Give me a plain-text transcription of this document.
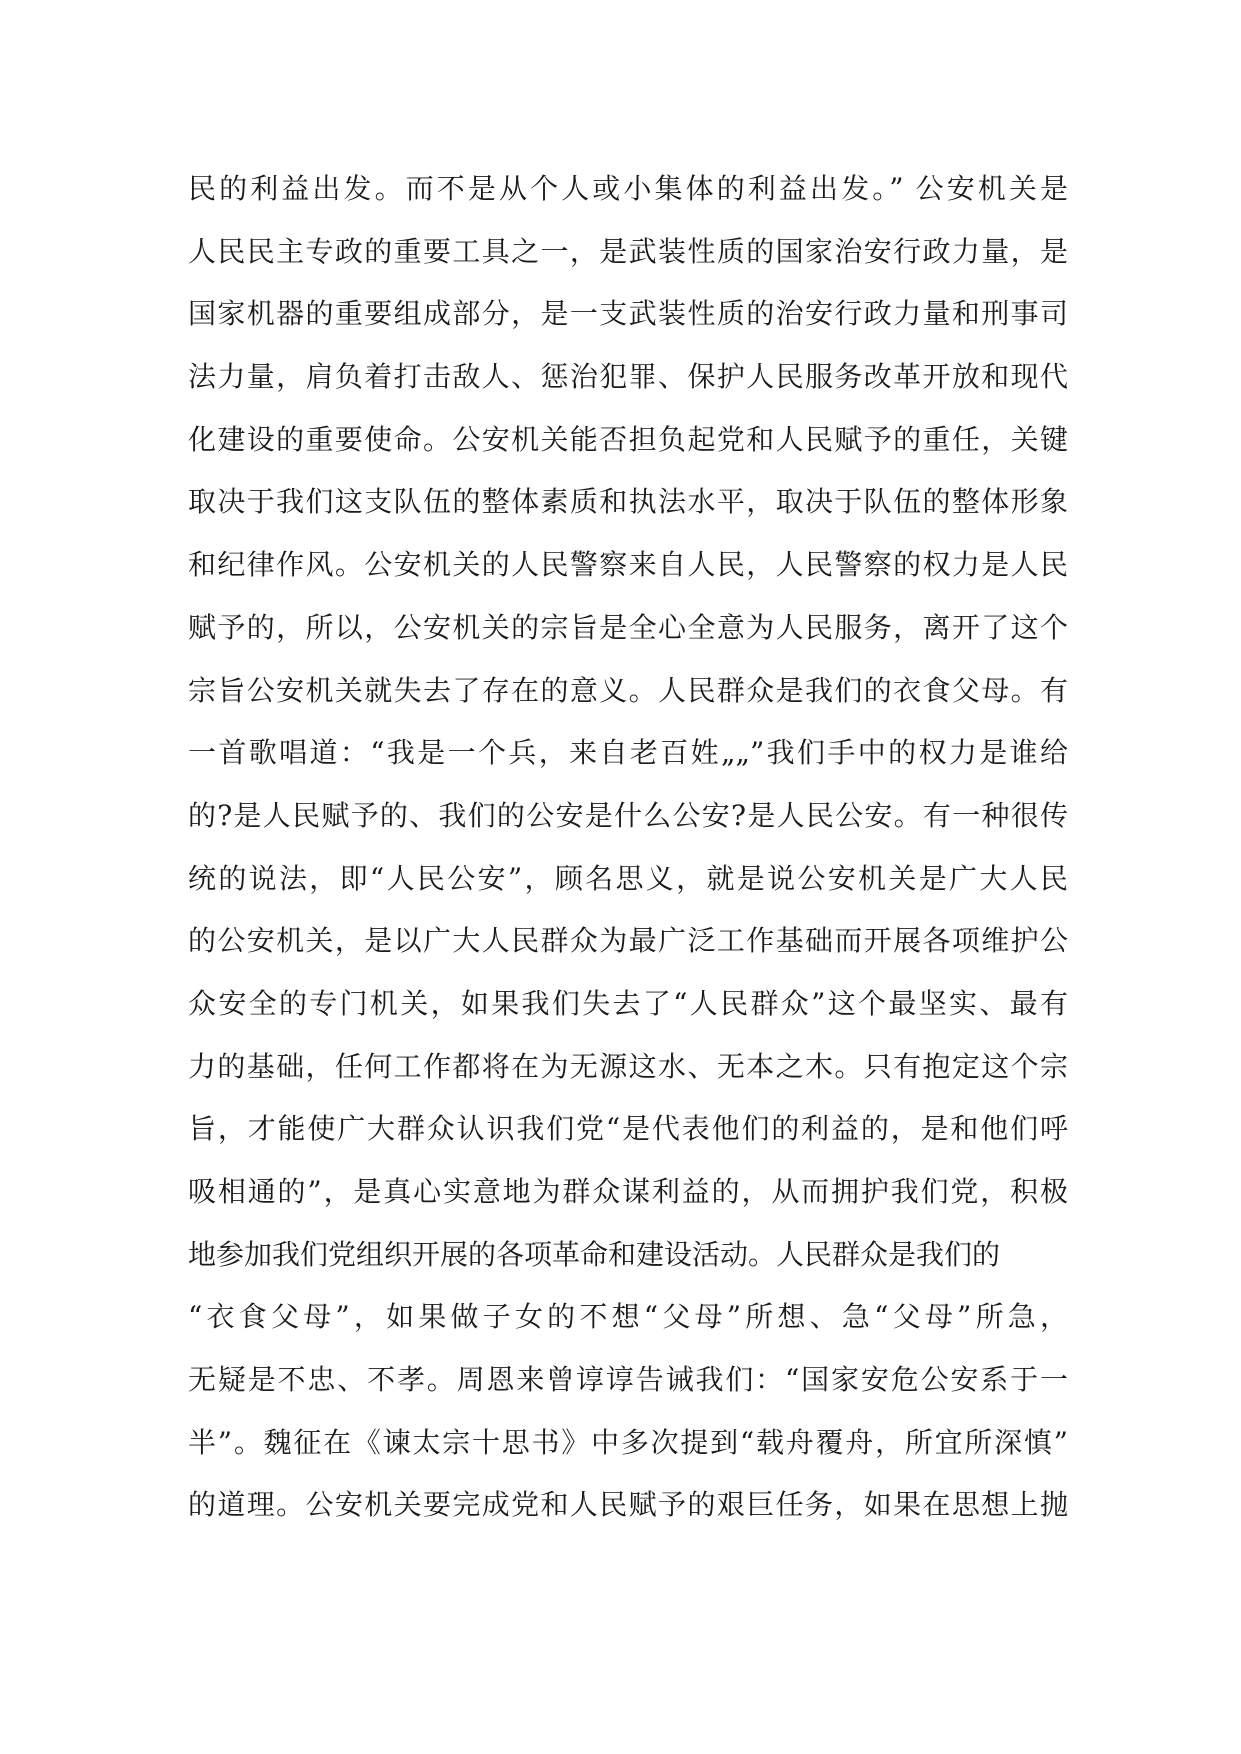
民的利益出发。而不是从个人或小集体的利益出发。” 公安机关是
人民民主专政的重要工具之一，是武装性质的国家治安行政力量，是
国家机器的重要组成部分，是一支武装性质的治安行政力量和刑事司
法力量，肩负着打击敌人、惩治犯罪、保护人民服务改革开放和现代
化建设的重要使命。公安机关能否担负起党和人民赋予的重任，关键
取决于我们这支队伍的整体素质和执法水平，取决于队伍的整体形象
和纪律作风。公安机关的人民警察来自人民，人民警察的权力是人民
赋予的，所以，公安机关的宗旨是全心全意为人民服务，离开了这个
宗旨公安机关就失去了存在的意义。人民群众是我们的衣食父母。有
一首歌唱道：“我是一个兵，来自老百姓„„”我们手中的权力是谁给
的?是人民赋予的、我们的公安是什么公安?是人民公安。有一种很传
统的说法，即“人民公安”，顾名思义，就是说公安机关是广大人民
的公安机关，是以广大人民群众为最广泛工作基础而开展各项维护公
众安全的专门机关，如果我们失去了“人民群众”这个最坚实、最有
力的基础，任何工作都将在为无源这水、无本之木。只有抱定这个宗
旨，才能使广大群众认识我们党“是代表他们的利益的，是和他们呼
吸相通的”，是真心实意地为群众谋利益的，从而拥护我们党，积极
地参加我们党组织开展的各项革命和建设活动。人民群众是我们的
“衣食父母”，如果做子女的不想“父母”所想、急“父母”所急，
无疑是不忠、不孝。周恩来曾谆谆告诫我们：“国家安危公安系于一
半”。魏征在《谏太宗十思书》中多次提到“载舟覆舟，所宜所深慎”
的道理。公安机关要完成党和人民赋予的艰巨任务，如果在思想上抛
